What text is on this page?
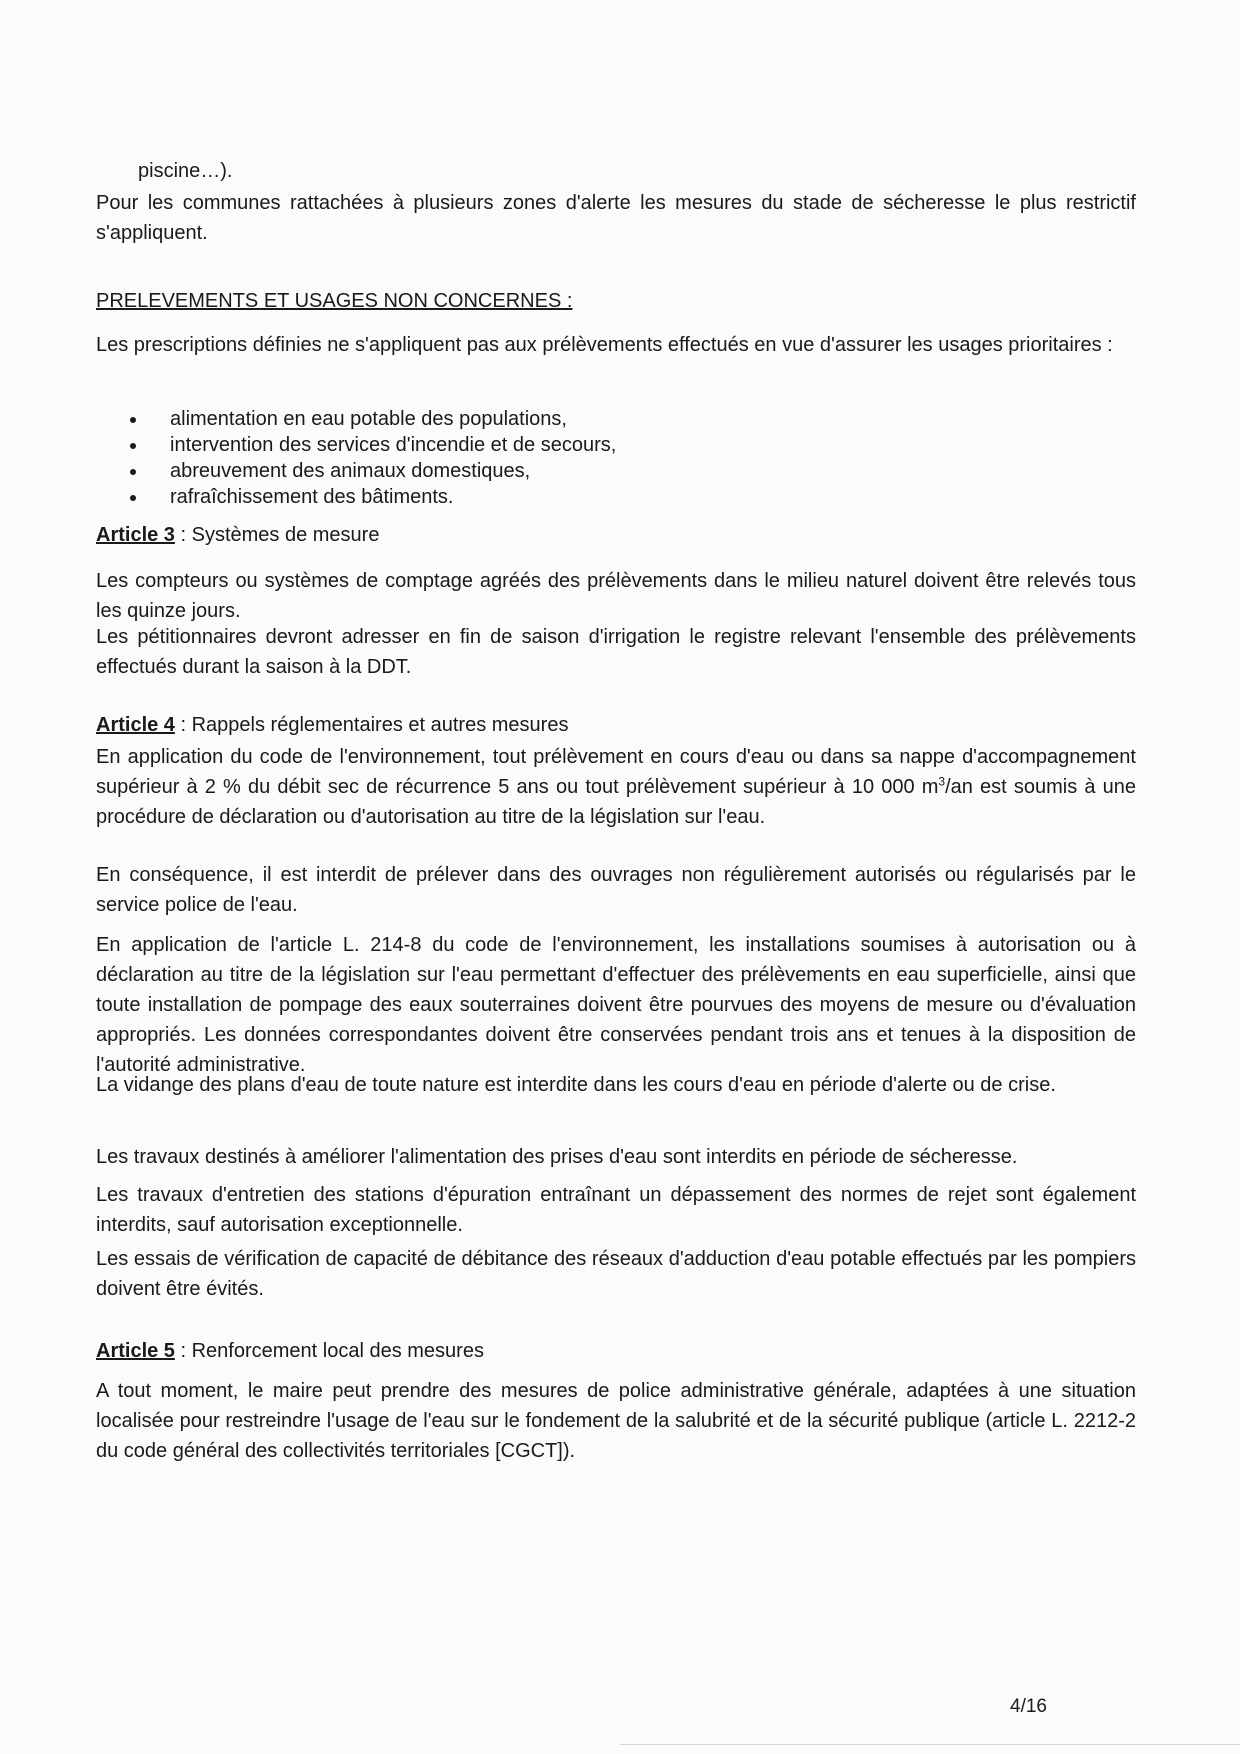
piscine…).

Pour les communes rattachées à plusieurs zones d'alerte les mesures du stade de sécheresse le plus restrictif s'appliquent.

PRELEVEMENTS ET USAGES NON CONCERNES :

Les prescriptions définies ne s'appliquent pas aux prélèvements effectués en vue d'assurer les usages prioritaires :

alimentation en eau potable des populations,
intervention des services d'incendie et de secours,
abreuvement des animaux domestiques,
rafraîchissement des bâtiments.

Article 3 : Systèmes de mesure

Les compteurs ou systèmes de comptage agréés des prélèvements dans le milieu naturel doivent être relevés tous les quinze jours.

Les pétitionnaires devront adresser en fin de saison d'irrigation le registre relevant l'ensemble des prélèvements effectués durant la saison à la DDT.

Article 4 : Rappels réglementaires et autres mesures

En application du code de l'environnement, tout prélèvement en cours d'eau ou dans sa nappe d'accompagnement supérieur à 2 % du débit sec de récurrence 5 ans ou tout prélèvement supérieur à 10 000 $m^3/an$ est soumis à une procédure de déclaration ou d'autorisation au titre de la législation sur l'eau.

En conséquence, il est interdit de prélever dans des ouvrages non régulièrement autorisés ou régularisés par le service police de l'eau.

En application de l'article L. 214-8 du code de l'environnement, les installations soumises à autorisation ou à déclaration au titre de la législation sur l'eau permettant d'effectuer des prélèvements en eau superficielle, ainsi que toute installation de pompage des eaux souterraines doivent être pourvues des moyens de mesure ou d'évaluation appropriés. Les données correspondantes doivent être conservées pendant trois ans et tenues à la disposition de l'autorité administrative.

La vidange des plans d'eau de toute nature est interdite dans les cours d'eau en période d'alerte ou de crise.

Les travaux destinés à améliorer l'alimentation des prises d'eau sont interdits en période de sécheresse.

Les travaux d'entretien des stations d'épuration entraînant un dépassement des normes de rejet sont également interdits, sauf autorisation exceptionnelle.

Les essais de vérification de capacité de débitance des réseaux d'adduction d'eau potable effectués par les pompiers doivent être évités.

Article 5 : Renforcement local des mesures

A tout moment, le maire peut prendre des mesures de police administrative générale, adaptées à une situation localisée pour restreindre l'usage de l'eau sur le fondement de la salubrité et de la sécurité publique (article L. 2212-2 du code général des collectivités territoriales [CGCT]).

4/16
